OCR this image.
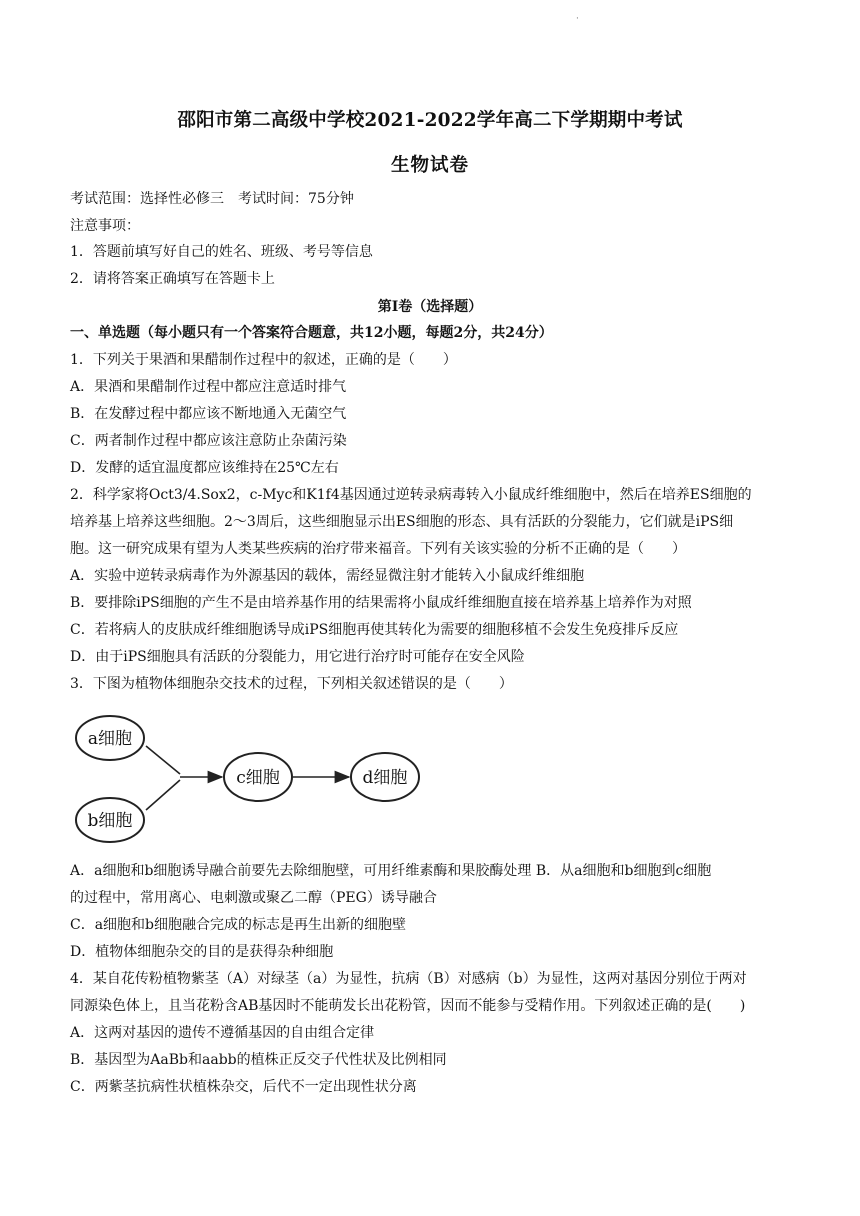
·
邵阳市第二高级中学校2021-2022学年高二下学期期中考试
生物试卷
考试范围：选择性必修三　考试时间：75分钟
注意事项：
1．答题前填写好自己的姓名、班级、考号等信息
2．请将答案正确填写在答题卡上
第Ⅰ卷（选择题）
一、单选题（每小题只有一个答案符合题意，共12小题，每题2分，共24分）
1．下列关于果酒和果醋制作过程中的叙述，正确的是（　　）
A．果酒和果醋制作过程中都应注意适时排气
B．在发酵过程中都应该不断地通入无菌空气
C．两者制作过程中都应该注意防止杂菌污染
D．发酵的适宜温度都应该维持在25℃左右
2．科学家将Oct3/4.Sox2，c-Myc和K1f4基因通过逆转录病毒转入小鼠成纤维细胞中，然后在培养ES细胞的
培养基上培养这些细胞。2～3周后，这些细胞显示出ES细胞的形态、具有活跃的分裂能力，它们就是iPS细
胞。这一研究成果有望为人类某些疾病的治疗带来福音。下列有关该实验的分析不正确的是（　　）
A．实验中逆转录病毒作为外源基因的载体，需经显微注射才能转入小鼠成纤维细胞
B．要排除iPS细胞的产生不是由培养基作用的结果需将小鼠成纤维细胞直接在培养基上培养作为对照
C．若将病人的皮肤成纤维细胞诱导成iPS细胞再使其转化为需要的细胞移植不会发生免疫排斥反应
D．由于iPS细胞具有活跃的分裂能力，用它进行治疗时可能存在安全风险
3．下图为植物体细胞杂交技术的过程，下列相关叙述错误的是（　　）
a细胞
b细胞
c细胞	d细胞
A．a细胞和b细胞诱导融合前要先去除细胞壁，可用纤维素酶和果胶酶处理 B．从a细胞和b细胞到c细胞
的过程中，常用离心、电刺激或聚乙二醇（PEG）诱导融合
C．a细胞和b细胞融合完成的标志是再生出新的细胞壁
D．植物体细胞杂交的目的是获得杂种细胞
4．某自花传粉植物紫茎（A）对绿茎（a）为显性，抗病（B）对感病（b）为显性，这两对基因分别位于两对
同源染色体上，且当花粉含AB基因时不能萌发长出花粉管，因而不能参与受精作用。下列叙述正确的是(　　)
A．这两对基因的遗传不遵循基因的自由组合定律
B．基因型为AaBb和aabb的植株正反交子代性状及比例相同
C．两紫茎抗病性状植株杂交，后代不一定出现性状分离
